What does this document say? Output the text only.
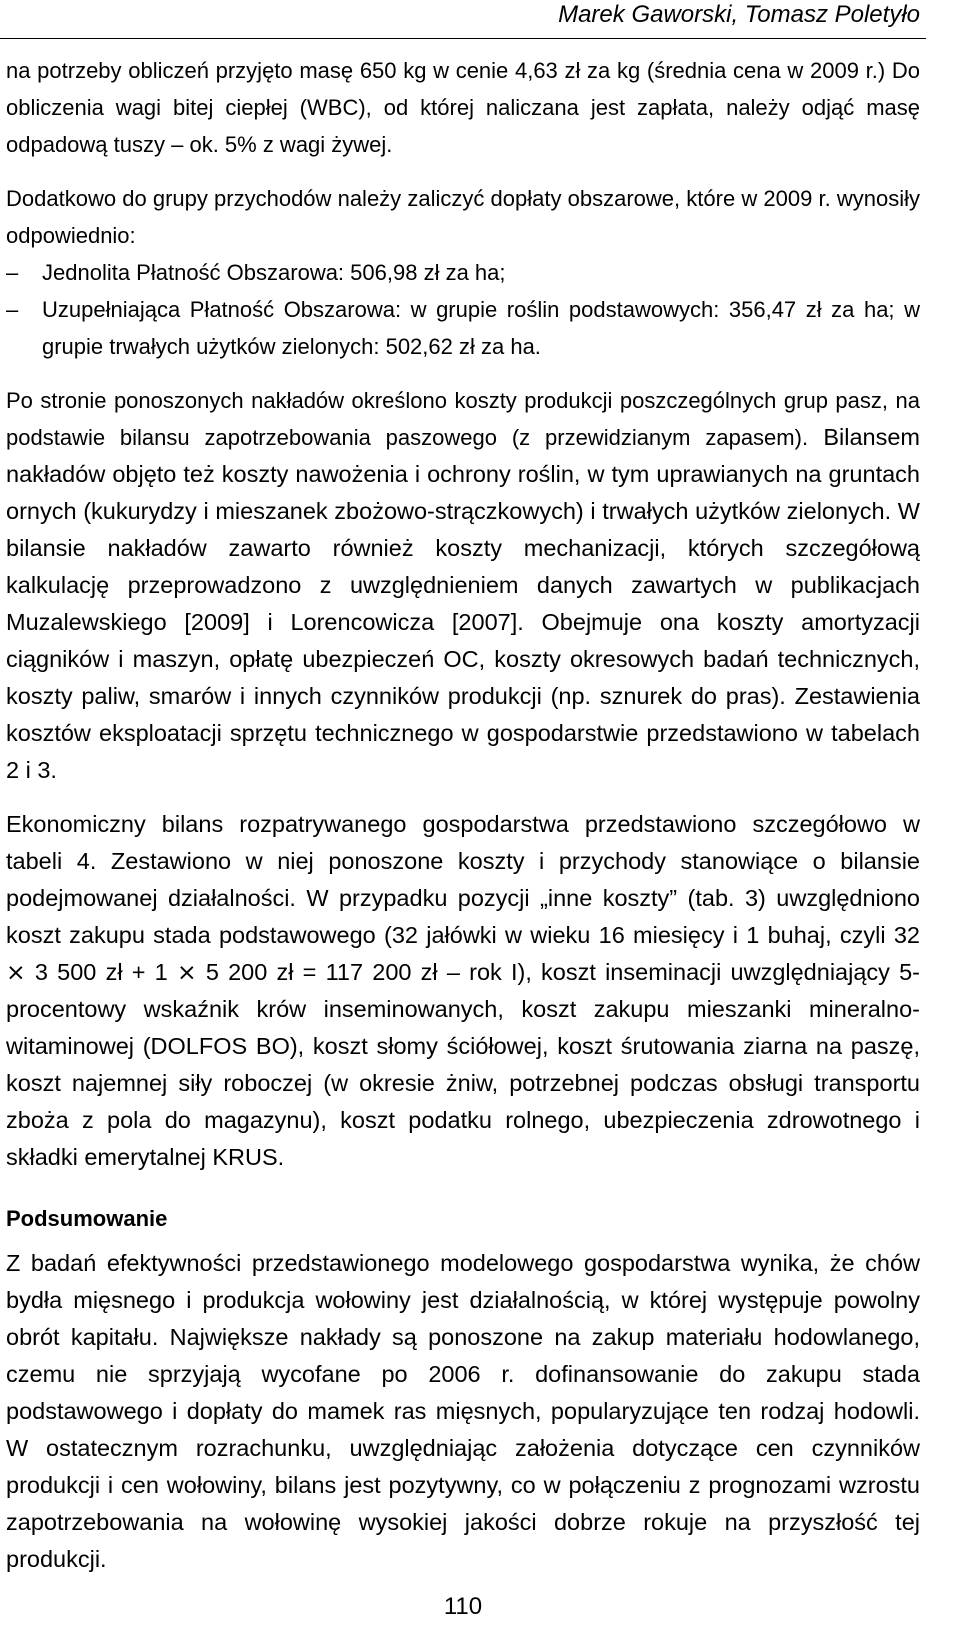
Marek Gaworski, Tomasz Poletyło

na potrzeby obliczeń przyjęto masę 650 kg w cenie 4,63 zł za kg (średnia cena w 2009 r.) Do obliczenia wagi bitej ciepłej (WBC), od której naliczana jest zapłata, należy odjąć masę odpadową tuszy – ok. 5% z wagi żywej.

Dodatkowo do grupy przychodów należy zaliczyć dopłaty obszarowe, które w 2009 r. wynosiły odpowiednio:

–	Jednolita Płatność Obszarowa: 506,98 zł za ha;

–	Uzupełniająca Płatność Obszarowa: w grupie roślin podstawowych: 356,47 zł za ha; w grupie trwałych użytków zielonych: 502,62 zł za ha.

Po stronie ponoszonych nakładów określono koszty produkcji poszczególnych grup pasz, na podstawie bilansu zapotrzebowania paszowego (z przewidzianym zapasem). Bilansem nakładów objęto też koszty nawożenia i ochrony roślin, w tym uprawianych na gruntach ornych (kukurydzy i mieszanek zbożowo-strączkowych) i trwałych użytków zielonych. W bilansie nakładów zawarto również koszty mechanizacji, których szczegółową kalkulację przeprowadzono z uwzględnieniem danych zawartych w publikacjach Muzalewskiego [2009] i Lorencowicza [2007]. Obejmuje ona koszty amortyzacji ciągników i maszyn, opłatę ubezpieczeń OC, koszty okresowych badań technicznych, koszty paliw, smarów i innych czynników produkcji (np. sznurek do pras). Zestawienia kosztów eksploatacji sprzętu technicznego w gospodarstwie przedstawiono w tabelach 2 i 3.

Ekonomiczny bilans rozpatrywanego gospodarstwa przedstawiono szczegółowo w tabeli 4. Zestawiono w niej ponoszone koszty i przychody stanowiące o bilansie podejmowanej działalności. W przypadku pozycji „inne koszty” (tab. 3) uwzględniono koszt zakupu stada podstawowego (32 jałówki w wieku 16 miesięcy i 1 buhaj, czyli 32 × 3 500 zł + 1 × 5 200 zł = 117 200 zł – rok I), koszt inseminacji uwzględniający 5-procentowy wskaźnik krów inseminowanych, koszt zakupu mieszanki mineralno-witaminowej (DOLFOS BO), koszt słomy ściółowej, koszt śrutowania ziarna na paszę, koszt najemnej siły roboczej (w okresie żniw, potrzebnej podczas obsługi transportu zboża z pola do magazynu), koszt podatku rolnego, ubezpieczenia zdrowotnego i składki emerytalnej KRUS.

Podsumowanie

Z badań efektywności przedstawionego modelowego gospodarstwa wynika, że chów bydła mięsnego i produkcja wołowiny jest działalnością, w której występuje powolny obrót kapitału. Największe nakłady są ponoszone na zakup materiału hodowlanego, czemu nie sprzyjają wycofane po 2006 r. dofinansowanie do zakupu stada podstawowego i dopłaty do mamek ras mięsnych, popularyzujące ten rodzaj hodowli. W ostatecznym rozrachunku, uwzględniając założenia dotyczące cen czynników produkcji i cen wołowiny, bilans jest pozytywny, co w połączeniu z prognozami wzrostu zapotrzebowania na wołowinę wysokiej jakości dobrze rokuje na przyszłość tej produkcji.

110
